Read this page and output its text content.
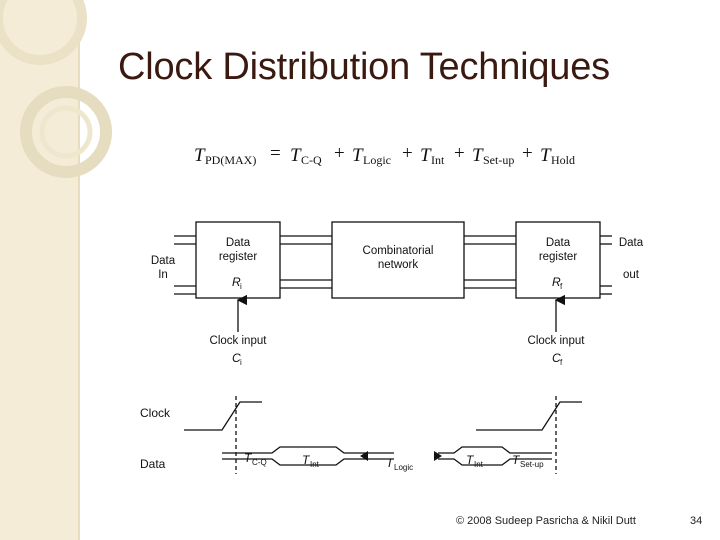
Clock Distribution Techniques
T PD(MAX) = T C-Q + T Logic + T Int + T Set-up + T Hold
Data
register	Combinatorial
network
Data
register
Data
In
Data
out
Clock input	Clock input
R i	R f
C i	C f
Clock
Data	T C-Q	T Int	T Logic
T Int T Set-up
© 2008 Sudeep Pasricha & Nikil Dutt	34
